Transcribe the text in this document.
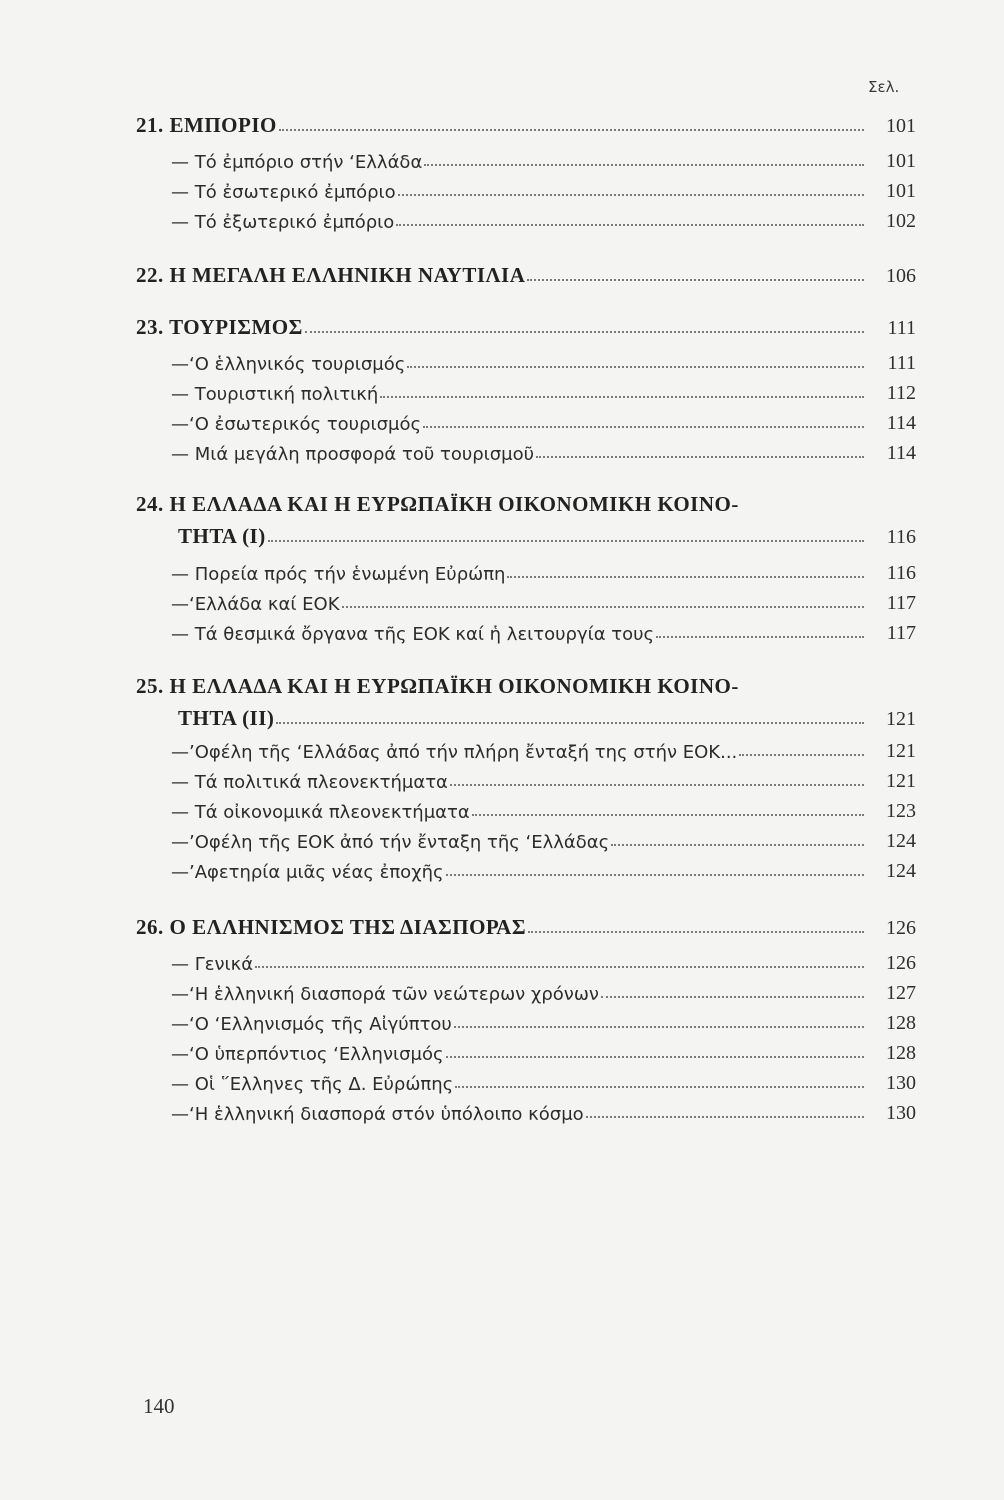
Σελ.
21. ΕΜΠΟΡΙΟ	101
— Τό ἐμπόριο στήν ‘Ελλάδα	101
— Τό ἐσωτερικό ἐμπόριο	101
— Τό ἐξωτερικό ἐμπόριο	102
22. Η ΜΕΓΑΛΗ ΕΛΛΗΝΙΚΗ ΝΑΥΤΙΛΙΑ	106
23. ΤΟΥΡΙΣΜΟΣ	111
—‘Ο ἑλληνικός τουρισμός	111
— Τουριστική πολιτική	112
—‘Ο ἐσωτερικός τουρισμός	114
— Μιά μεγάλη προσφορά τοῦ τουρισμοῦ	114
24. Η ΕΛΛΑΔΑ ΚΑΙ Η ΕΥΡΩΠΑΪΚΗ ΟΙΚΟΝΟΜΙΚΗ ΚΟΙΝΟ-
ΤΗΤΑ (Ι)	116
— Πορεία πρός τήν ἑνωμένη Εὐρώπη	116
—‘Ελλάδα καί ΕΟΚ	117
— Τά θεσμικά ὄργανα τῆς ΕΟΚ καί ἡ λειτουργία τους	117
25. Η ΕΛΛΑΔΑ ΚΑΙ Η ΕΥΡΩΠΑΪΚΗ ΟΙΚΟΝΟΜΙΚΗ ΚΟΙΝΟ-
ΤΗΤΑ (ΙΙ)	121
—’Οφέλη τῆς ‘Ελλάδας ἀπό τήν πλήρη ἔνταξή της στήν ΕΟΚ...	121
— Τά πολιτικά πλεονεκτήματα	121
— Τά οἰκονομικά πλεονεκτήματα	123
—’Οφέλη τῆς ΕΟΚ ἀπό τήν ἔνταξη τῆς ‘Ελλάδας	124
—’Αφετηρία μιᾶς νέας ἐποχῆς	124
26. Ο ΕΛΛΗΝΙΣΜΟΣ ΤΗΣ ΔΙΑΣΠΟΡΑΣ	126
— Γενικά	126
—‘Η ἑλληνική διασπορά τῶν νεώτερων χρόνων	127
—‘Ο ‘Ελληνισμός τῆς Αἰγύπτου	128
—‘Ο ὑπερπόντιος ‘Ελληνισμός	128
— Οἱ ῞Ελληνες τῆς Δ. Εὐρώπης	130
—‘Η ἑλληνική διασπορά στόν ὑπόλοιπο κόσμο	130
140
